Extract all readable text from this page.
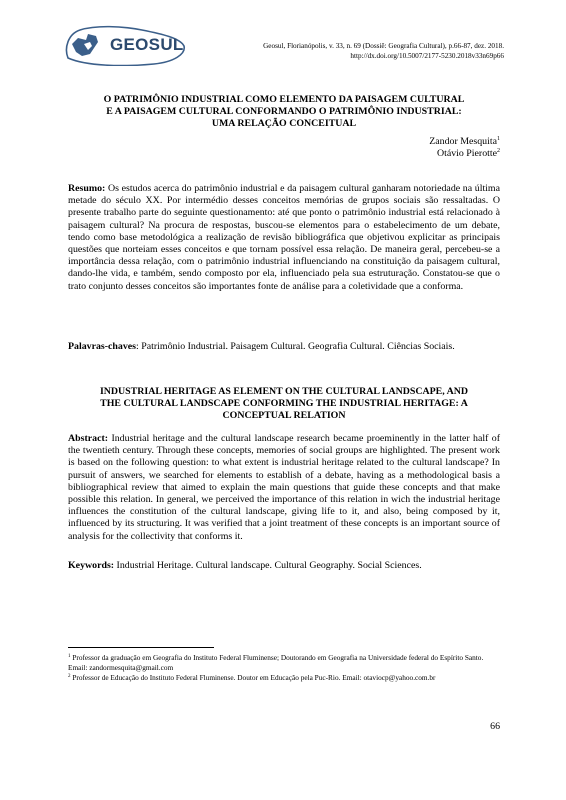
GEOSUL	Geosul, Florianópolis, v. 33, n. 69 (Dossiê: Geografia Cultural), p.66-87, dez. 2018.
http://dx.doi.org/10.5007/2177-5230.2018v33n69p66
O PATRIMÔNIO INDUSTRIAL COMO ELEMENTO DA PAISAGEM CULTURAL
E A PAISAGEM CULTURAL CONFORMANDO O PATRIMÔNIO INDUSTRIAL:
UMA RELAÇÃO CONCEITUAL
Zandor Mesquita$^1$
Otávio Pierotte$^2$
Resumo: Os estudos acerca do patrimônio industrial e da paisagem cultural ganharam notoriedade na última metade do século XX. Por intermédio desses conceitos memórias de grupos sociais são ressaltadas. O presente trabalho parte do seguinte questionamento: até que ponto o patrimônio industrial está relacionado à paisagem cultural? Na procura de respostas, buscou-se elementos para o estabelecimento de um debate, tendo como base metodológica a realização de revisão bibliográfica que objetivou explicitar as principais questões que norteiam esses conceitos e que tornam possível essa relação. De maneira geral, percebeu-se a importância dessa relação, com o patrimônio industrial influenciando na constituição da paisagem cultural, dando-lhe vida, e também, sendo composto por ela, influenciado pela sua estruturação. Constatou-se que o trato conjunto desses conceitos são importantes fonte de análise para a coletividade que a conforma.
Palavras-chaves: Patrimônio Industrial. Paisagem Cultural. Geografia Cultural. Ciências Sociais.
INDUSTRIAL HERITAGE AS ELEMENT ON THE CULTURAL LANDSCAPE, AND
THE CULTURAL LANDSCAPE CONFORMING THE INDUSTRIAL HERITAGE: A
CONCEPTUAL RELATION
Abstract: Industrial heritage and the cultural landscape research became proeminently in the latter half of the twentieth century. Through these concepts, memories of social groups are highlighted. The present work is based on the following question: to what extent is industrial heritage related to the cultural landscape? In pursuit of answers, we searched for elements to establish of a debate, having as a methodological basis a bibliographical review that aimed to explain the main questions that guide these concepts and that make possible this relation. In general, we perceived the importance of this relation in wich the industrial heritage influences the constitution of the cultural landscape, giving life to it, and also, being composed by it, influenced by its structuring. It was verified that a joint treatment of these concepts is an important source of analysis for the collectivity that conforms it.
Keywords: Industrial Heritage. Cultural landscape. Cultural Geography. Social Sciences.
$^1$ Professor da graduação em Geografia do Instituto Federal Fluminense; Doutorando em Geografia na Universidade federal do Espírito Santo. Email: zandormesquita@gmail.com
$^2$ Professor de Educação do Instituto Federal Fluminense. Doutor em Educação pela Puc-Rio. Email: otaviocp@yahoo.com.br
66
